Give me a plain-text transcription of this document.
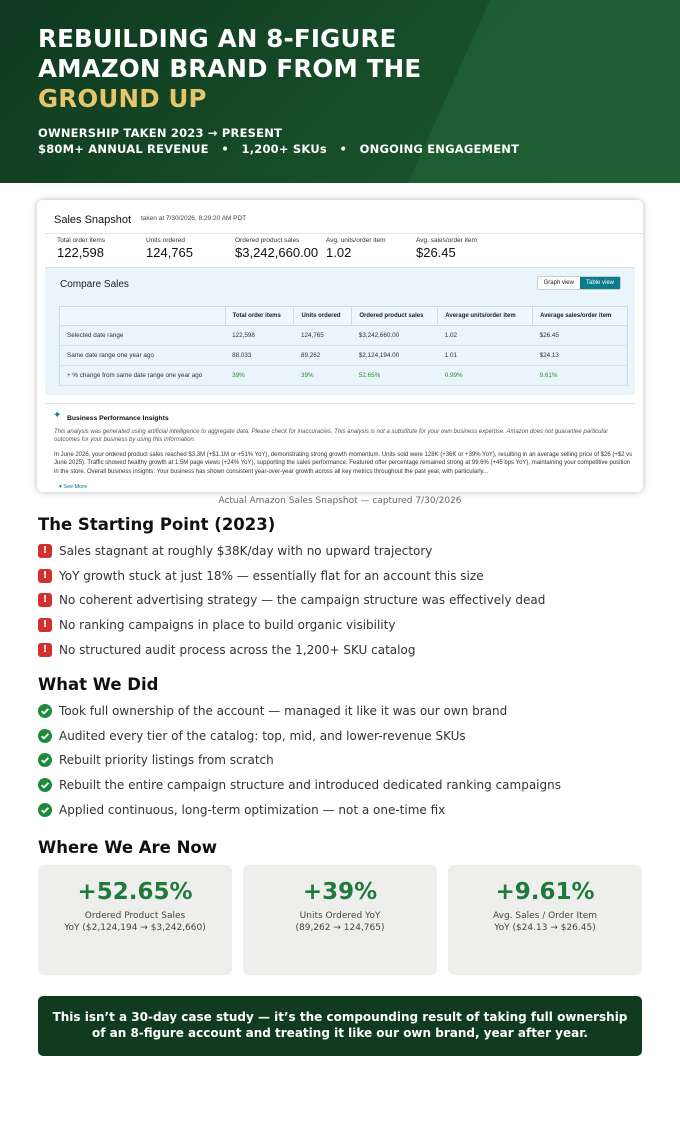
REBUILDING AN 8-FIGURE
AMAZON BRAND FROM THE
GROUND UP
OWNERSHIP TAKEN 2023 → PRESENT
$80M+ ANNUAL REVENUE   •   1,200+ SKUs   •   ONGOING ENGAGEMENT
Sales Snapshot taken at 7/30/2026, 8:29:20 AM PDT
Total order items
122,598
Units ordered
124,765
Ordered product sales
$3,242,660.00
Avg. units/order item
1.02
Avg. sales/order item
$26.45
Compare Sales	Graph view	Table view
	Total order items	Units ordered	Ordered product sales	Average units/order item	Average sales/order item
Selected date range	122,598	124,765	$3,242,660.00	1.02	$26.45
Same date range one year ago	88,033	89,262	$2,124,194.00	1.01	$24.13
+ % change from same date range one year ago	39%	39%	52.65%	0.99%	9.61%
✦ Business Performance Insights
This analysis was generated using artificial intelligence to aggregate data. Please check for inaccuracies. This analysis is not a substitute for your own business expertise. Amazon does not guarantee particular outcomes for your business by using this information.
In June 2026, your ordered product sales reached $3.3M (+$1.1M or +51% YoY), demonstrating strong growth momentum. Units sold were 128K (+36K or +39% YoY), resulting in an average selling price of $26 (+$2 vs June 2025). Traffic showed healthy growth at 1.5M page views (+24% YoY), supporting the sales performance. Featured offer percentage remained strong at 99.6% (+45 bps YoY), maintaining your competitive position in the store. Overall business insights: Your business has shown consistent year-over-year growth across all key metrics throughout the past year, with particularly...
▾ See More
Actual Amazon Sales Snapshot — captured 7/30/2026
The Starting Point (2023)
! Sales stagnant at roughly $38K/day with no upward trajectory
! YoY growth stuck at just 18% — essentially flat for an account this size
! No coherent advertising strategy — the campaign structure was effectively dead
! No ranking campaigns in place to build organic visibility
! No structured audit process across the 1,200+ SKU catalog
What We Did
Took full ownership of the account — managed it like it was our own brand
Audited every tier of the catalog: top, mid, and lower-revenue SKUs
Rebuilt priority listings from scratch
Rebuilt the entire campaign structure and introduced dedicated ranking campaigns
Applied continuous, long-term optimization — not a one-time fix
Where We Are Now
+52.65%
Ordered Product Sales
YoY ($2,124,194 → $3,242,660)
+39%
Units Ordered YoY
(89,262 → 124,765)
+9.61%
Avg. Sales / Order Item
YoY ($24.13 → $26.45)
This isn’t a 30-day case study — it’s the compounding result of taking full ownership of an 8-figure account and treating it like our own brand, year after year.
